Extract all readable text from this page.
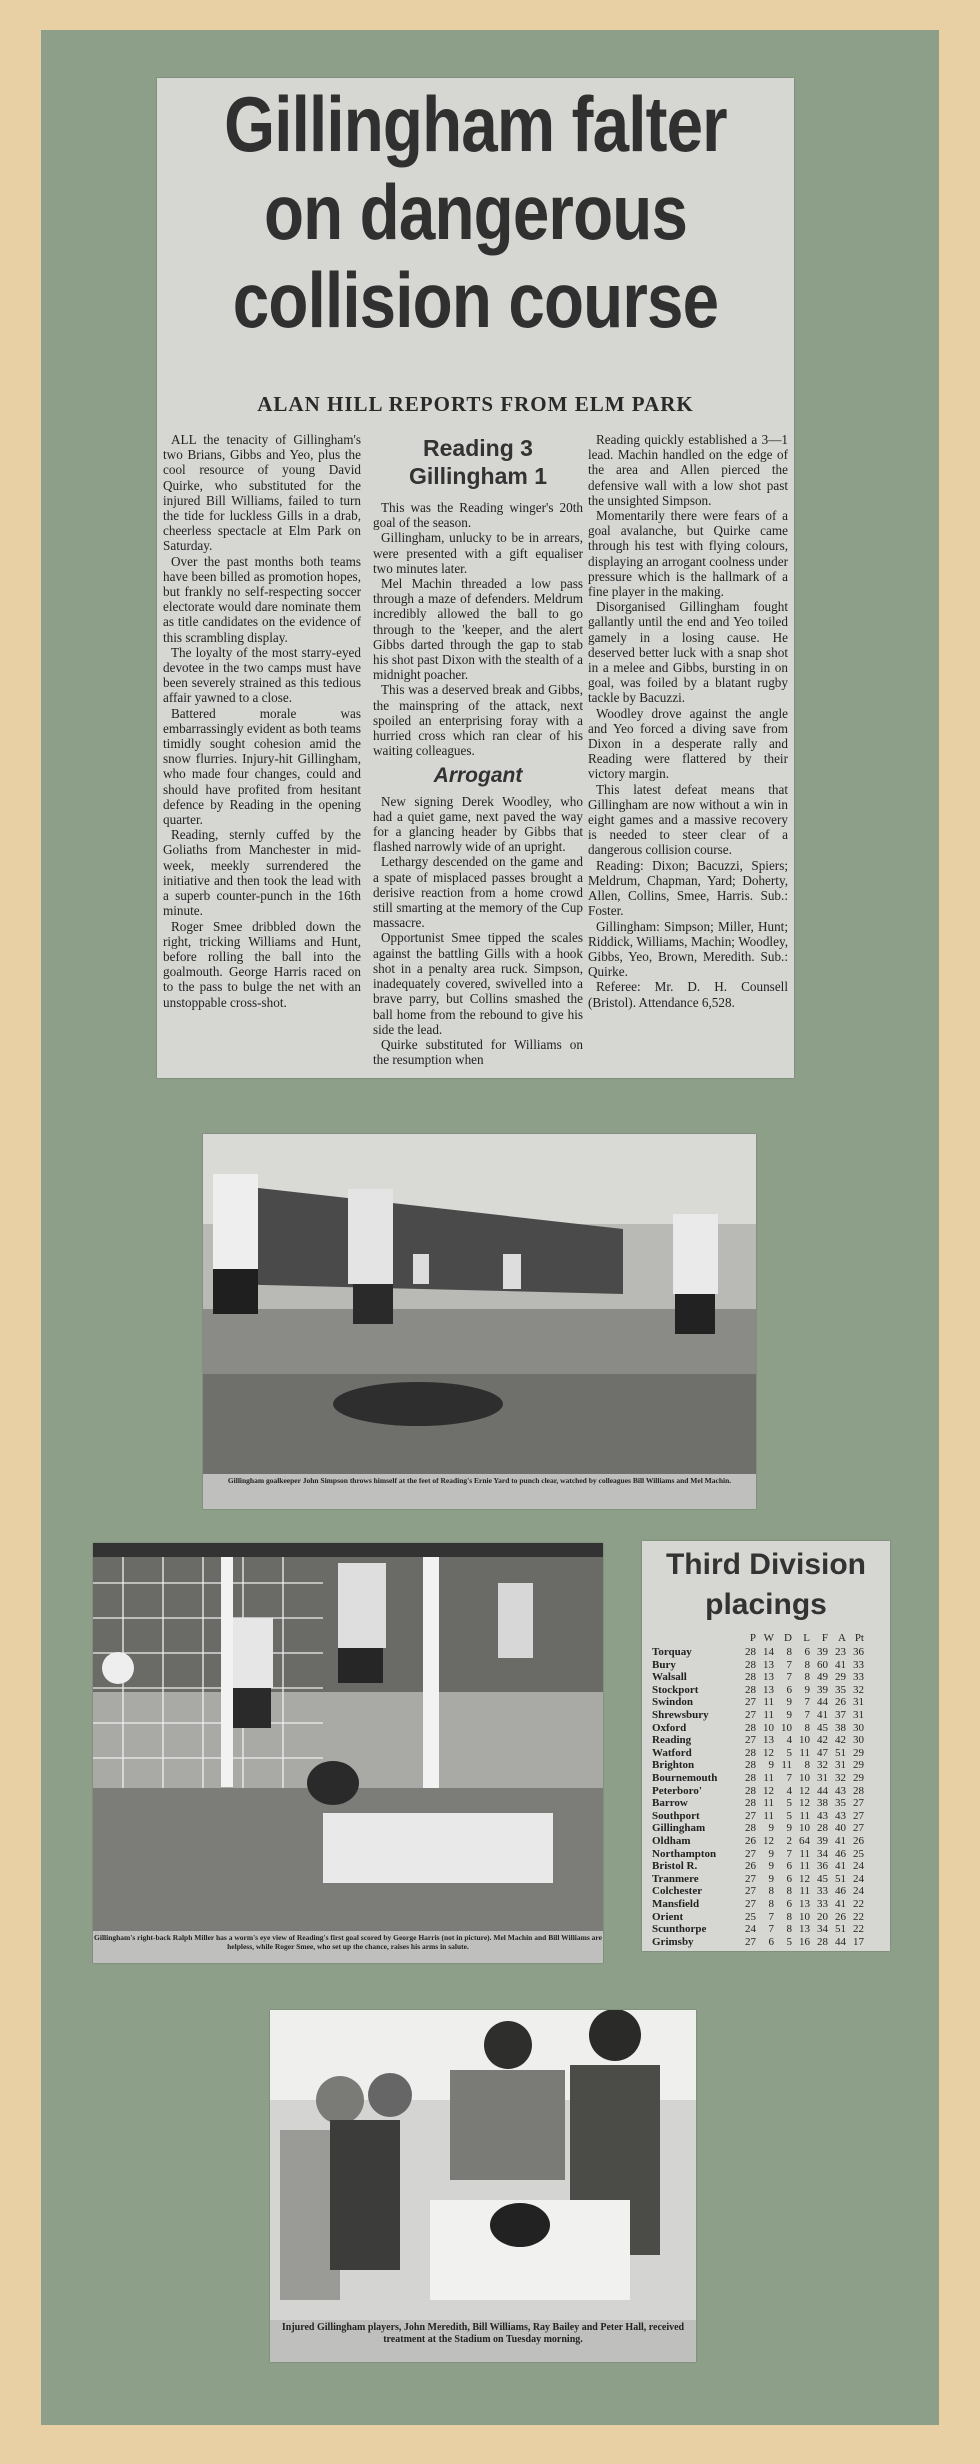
Gillingham falter
on dangerous
collision course
ALAN HILL REPORTS FROM ELM PARK

ALL the tenacity of Gillingham's two Brians, Gibbs and Yeo, plus the cool resource of young David Quirke, who substituted for the injured Bill Williams, failed to turn the tide for luckless Gills in a drab, cheerless spectacle at Elm Park on Saturday.

Over the past months both teams have been billed as promotion hopes, but frankly no self-respecting soccer electorate would dare nominate them as title candidates on the evidence of this scrambling display.

The loyalty of the most starry-eyed devotee in the two camps must have been severely strained as this tedious affair yawned to a close.

Battered morale was embarrassingly evident as both teams timidly sought cohesion amid the snow flurries. Injury-hit Gillingham, who made four changes, could and should have profited from hesitant defence by Reading in the opening quarter.

Reading, sternly cuffed by the Goliaths from Manchester in mid-week, meekly surrendered the initiative and then took the lead with a superb counter-punch in the 16th minute.

Roger Smee dribbled down the right, tricking Williams and Hunt, before rolling the ball into the goalmouth. George Harris raced on to the pass to bulge the net with an unstoppable cross-shot.

Reading 3
Gillingham 1

This was the Reading winger's 20th goal of the season.

Gillingham, unlucky to be in arrears, were presented with a gift equaliser two minutes later.

Mel Machin threaded a low pass through a maze of defenders. Meldrum incredibly allowed the ball to go through to the 'keeper, and the alert Gibbs darted through the gap to stab his shot past Dixon with the stealth of a midnight poacher.

This was a deserved break and Gibbs, the mainspring of the attack, next spoiled an enterprising foray with a hurried cross which ran clear of his waiting colleagues.

Arrogant

New signing Derek Woodley, who had a quiet game, next paved the way for a glancing header by Gibbs that flashed narrowly wide of an upright.

Lethargy descended on the game and a spate of misplaced passes brought a derisive reaction from a home crowd still smarting at the memory of the Cup massacre.

Opportunist Smee tipped the scales against the battling Gills with a hook shot in a penalty area ruck. Simpson, inadequately covered, swivelled into a brave parry, but Collins smashed the ball home from the rebound to give his side the lead.

Quirke substituted for Williams on the resumption when

Reading quickly established a 3—1 lead. Machin handled on the edge of the area and Allen pierced the defensive wall with a low shot past the unsighted Simpson.

Momentarily there were fears of a goal avalanche, but Quirke came through his test with flying colours, displaying an arrogant coolness under pressure which is the hallmark of a fine player in the making.

Disorganised Gillingham fought gallantly until the end and Yeo toiled gamely in a losing cause. He deserved better luck with a snap shot in a melee and Gibbs, bursting in on goal, was foiled by a blatant rugby tackle by Bacuzzi.

Woodley drove against the angle and Yeo forced a diving save from Dixon in a desperate rally and Reading were flattered by their victory margin.

This latest defeat means that Gillingham are now without a win in eight games and a massive recovery is needed to steer clear of a dangerous collision course.

Reading: Dixon; Bacuzzi, Spiers; Meldrum, Chapman, Yard; Doherty, Allen, Collins, Smee, Harris. Sub.: Foster.

Gillingham: Simpson; Miller, Hunt; Riddick, Williams, Machin; Woodley, Gibbs, Yeo, Brown, Meredith. Sub.: Quirke.

Referee: Mr. D. H. Counsell (Bristol). Attendance 6,528.

Gillingham goalkeeper John Simpson throws himself at the feet of Reading's Ernie Yard to punch clear, watched by colleagues Bill Williams and Mel Machin.
Gillingham's right-back Ralph Miller has a worm's eye view of Reading's first goal scored by George Harris (not in picture). Mel Machin and Bill Williams are helpless, while Roger Smee, who set up the chance, raises his arms in salute.
Third Division
placings
P W D L F A Pt
Torquay	28 14 8 6 39 23 36
Bury	28 13 7 8 60 41 33
Walsall	28 13 7 8 49 29 33
Stockport	28 13 6 9 39 35 32
Swindon	27 11 9 7 44 26 31
Shrewsbury	27 11 9 7 41 37 31
Oxford	28 10 10 8 45 38 30
Reading	27 13 4 10 42 42 30
Watford	28 12 5 11 47 51 29
Brighton	28 9 11 8 32 31 29
Bournemouth	28 11 7 10 31 32 29
Peterboro'	28 12 4 12 44 43 28
Barrow	28 11 5 12 38 35 27
Southport	27 11 5 11 43 43 27
Gillingham	28 9 9 10 28 40 27
Oldham	26 12 2 64 39 41 26
Northampton	27 9 7 11 34 46 25
Bristol R.	26 9 6 11 36 41 24
Tranmere	27 9 6 12 45 51 24
Colchester	27 8 8 11 33 46 24
Mansfield	27 8 6 13 33 41 22
Orient	25 7 8 10 20 26 22
Scunthorpe	24 7 8 13 34 51 22
Grimsby	27 6 5 16 28 44 17
Injured Gillingham players, John Meredith, Bill Williams, Ray Bailey and Peter Hall, received treatment at the Stadium on Tuesday morning.
